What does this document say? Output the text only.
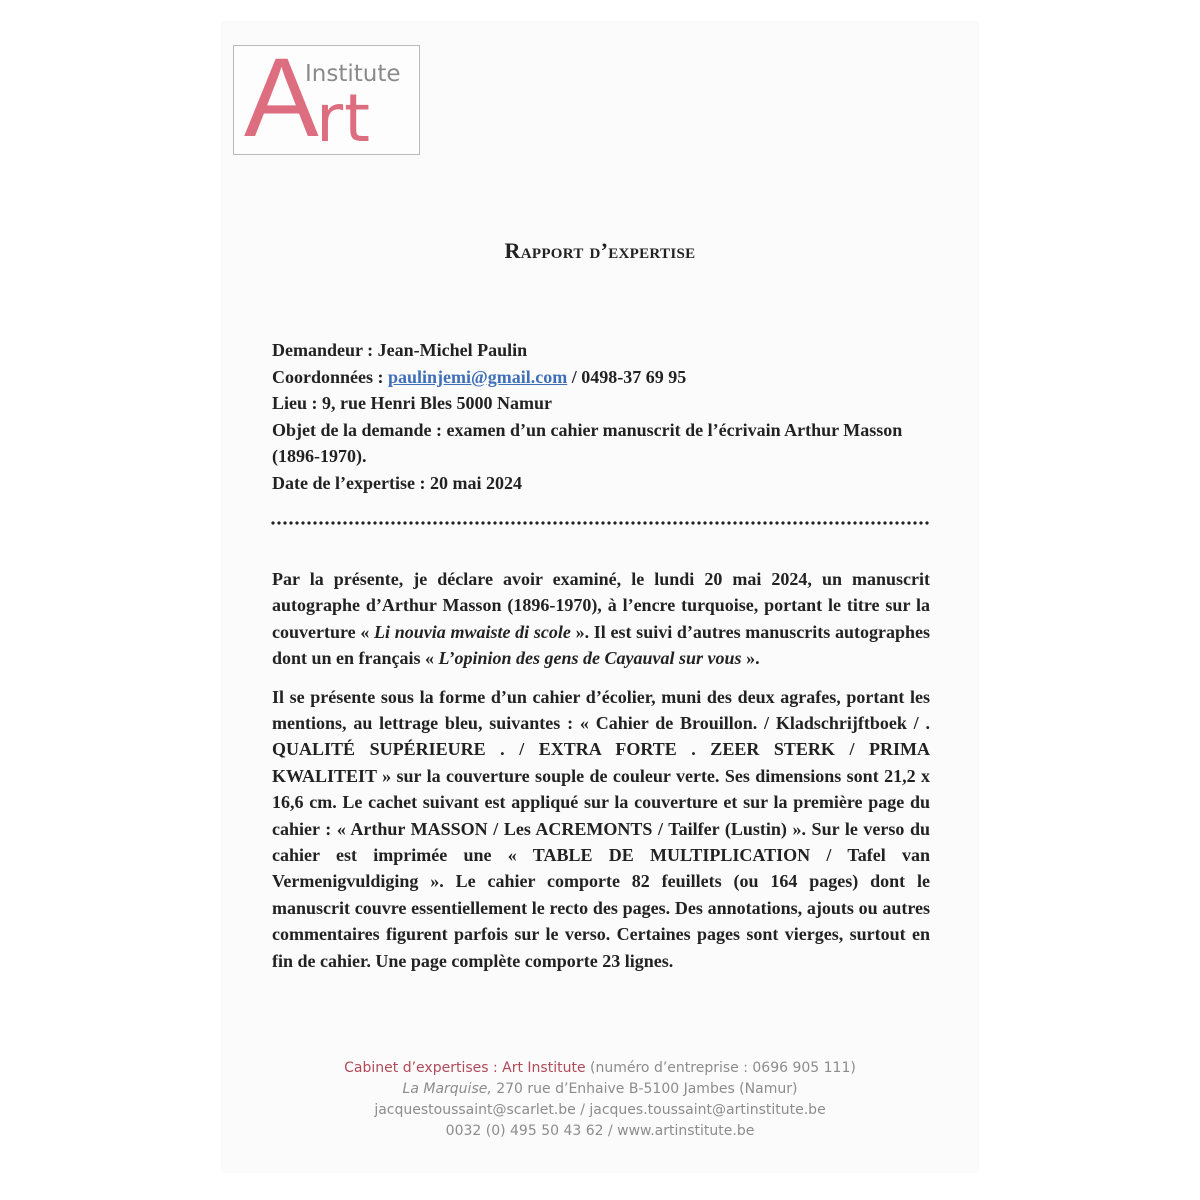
A
Institute
rt
Rapport d’expertise
Demandeur : Jean-Michel Paulin
Coordonnées : paulinjemi@gmail.com / 0498-37 69 95
Lieu : 9, rue Henri Bles 5000 Namur
Objet de la demande : examen d’un cahier manuscrit de l’écrivain Arthur Masson (1896-1970).
Date de l’expertise : 20 mai 2024

Par la présente, je déclare avoir examiné, le lundi 20 mai 2024, un manuscrit autographe d’Arthur Masson (1896-1970), à l’encre turquoise, portant le titre sur la couverture « Li nouvia mwaiste di scole ». Il est suivi d’autres manuscrits autographes dont un en français « L’opinion des gens de Cayauval sur vous ».

Il se présente sous la forme d’un cahier d’écolier, muni des deux agrafes, portant les mentions, au lettrage bleu, suivantes : « Cahier de Brouillon. / Kladschrijftboek / . QUALITÉ SUPÉRIEURE . / EXTRA FORTE . ZEER STERK / PRIMA KWALITEIT » sur la couverture souple de couleur verte. Ses dimensions sont 21,2 x 16,6 cm. Le cachet suivant est appliqué sur la couverture et sur la première page du cahier : « Arthur MASSON / Les ACREMONTS / Tailfer (Lustin) ». Sur le verso du cahier est imprimée une « TABLE DE MULTIPLICATION / Tafel van Vermenigvuldiging ». Le cahier comporte 82 feuillets (ou 164 pages) dont le manuscrit couvre essentiellement le recto des pages. Des annotations, ajouts ou autres commentaires figurent parfois sur le verso. Certaines pages sont vierges, surtout en fin de cahier. Une page complète comporte 23 lignes.

Cabinet d’expertises : Art Institute (numéro d’entreprise : 0696 905 111)
La Marquise, 270 rue d’Enhaive B-5100 Jambes (Namur)
jacquestoussaint@scarlet.be / jacques.toussaint@artinstitute.be
0032 (0) 495 50 43 62 / www.artinstitute.be
